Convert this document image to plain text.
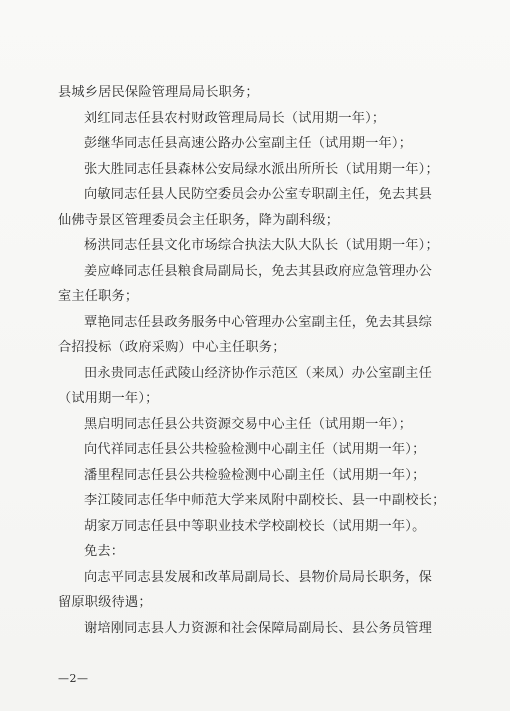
县城乡居民保险管理局局长职务；
刘红同志任县农村财政管理局局长（试用期一年）；
彭继华同志任县高速公路办公室副主任（试用期一年）；
张大胜同志任县森林公安局绿水派出所所长（试用期一年）；
向敏同志任县人民防空委员会办公室专职副主任，免去其县
仙佛寺景区管理委员会主任职务，降为副科级；
杨洪同志任县文化市场综合执法大队大队长（试用期一年）；
姜应峰同志任县粮食局副局长，免去其县政府应急管理办公
室主任职务；
覃艳同志任县政务服务中心管理办公室副主任，免去其县综
合招投标（政府采购）中心主任职务；
田永贵同志任武陵山经济协作示范区（来凤）办公室副主任
（试用期一年）；
黑启明同志任县公共资源交易中心主任（试用期一年）；
向代祥同志任县公共检验检测中心副主任（试用期一年）；
潘里程同志任县公共检验检测中心副主任（试用期一年）；
李江陵同志任华中师范大学来凤附中副校长、县一中副校长；
胡家万同志任县中等职业技术学校副校长（试用期一年）。
免去：
向志平同志县发展和改革局副局长、县物价局局长职务，保
留原职级待遇；
谢培刚同志县人力资源和社会保障局副局长、县公务员管理
—2—
